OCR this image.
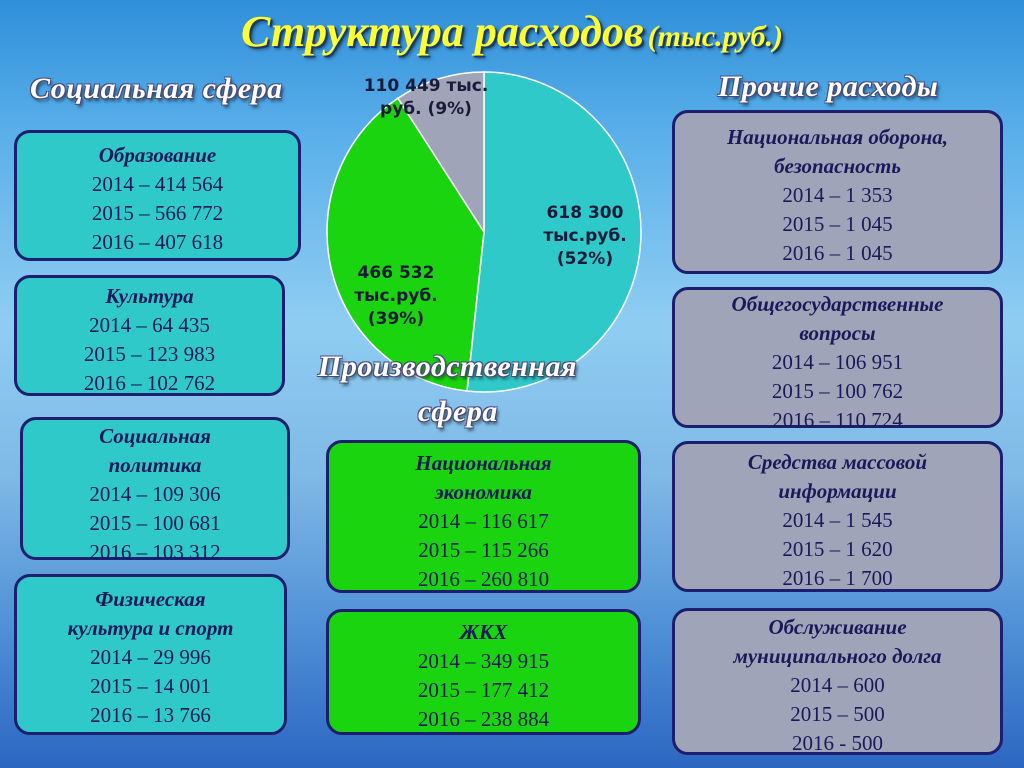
Структура расходов (тыс.руб.)
618 300 тыс.руб. (52%)
466 532 тыс.руб. (39%)
110 449 тыс. руб. (9%)
Социальная сфера	Прочие расходы
Производственная
сфера
Образование
2014 – 414 564
2015 – 566 772
2016 – 407 618
Культура
2014 – 64 435
2015 – 123 983
2016 – 102 762
Социальная
политика
2014 – 109 306
2015 – 100 681
2016 – 103 312
Физическая
культура и спорт
2014 – 29 996
2015 – 14 001
2016 – 13 766
Национальная
экономика
2014 – 116 617
2015 – 115 266
2016 – 260 810
ЖКХ
2014 – 349 915
2015 – 177 412
2016 – 238 884
Национальная оборона,
безопасность
2014 – 1 353
2015 – 1 045
2016 – 1 045
Общегосударственные
вопросы
2014 – 106 951
2015 – 100 762
2016 – 110 724
Средства массовой
информации
2014 – 1 545
2015 – 1 620
2016 – 1 700
Обслуживание
муниципального долга
2014 – 600
2015 – 500
2016 - 500
